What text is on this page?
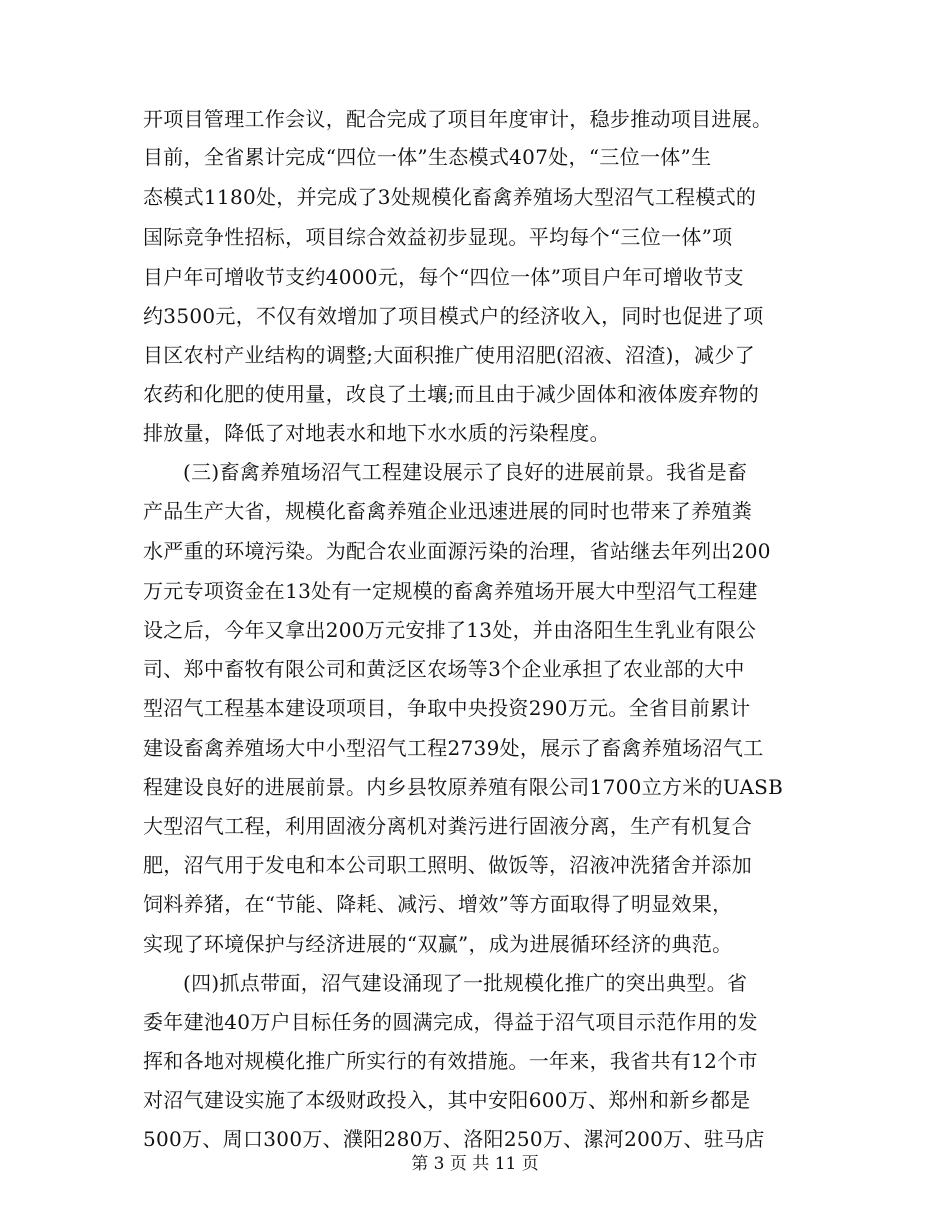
开项目管理工作会议，配合完成了项目年度审计，稳步推动项目进展。
目前，全省累计完成“四位一体”生态模式407处，“三位一体”生
态模式1180处，并完成了3处规模化畜禽养殖场大型沼气工程模式的
国际竞争性招标，项目综合效益初步显现。平均每个“三位一体”项
目户年可增收节支约4000元，每个“四位一体”项目户年可增收节支
约3500元，不仅有效增加了项目模式户的经济收入，同时也促进了项
目区农村产业结构的调整;大面积推广使用沼肥(沼液、沼渣)，减少了
农药和化肥的使用量，改良了土壤;而且由于减少固体和液体废弃物的
排放量，降低了对地表水和地下水水质的污染程度。
(三)畜禽养殖场沼气工程建设展示了良好的进展前景。我省是畜
产品生产大省，规模化畜禽养殖企业迅速进展的同时也带来了养殖粪
水严重的环境污染。为配合农业面源污染的治理，省站继去年列出200
万元专项资金在13处有一定规模的畜禽养殖场开展大中型沼气工程建
设之后，今年又拿出200万元安排了13处，并由洛阳生生乳业有限公
司、郑中畜牧有限公司和黄泛区农场等3个企业承担了农业部的大中
型沼气工程基本建设项项目，争取中央投资290万元。全省目前累计
建设畜禽养殖场大中小型沼气工程2739处，展示了畜禽养殖场沼气工
程建设良好的进展前景。内乡县牧原养殖有限公司1700立方米的UASB
大型沼气工程，利用固液分离机对粪污进行固液分离，生产有机复合
肥，沼气用于发电和本公司职工照明、做饭等，沼液冲洗猪舍并添加
饲料养猪，在“节能、降耗、减污、增效”等方面取得了明显效果，
实现了环境保护与经济进展的“双赢”，成为进展循环经济的典范。
(四)抓点带面，沼气建设涌现了一批规模化推广的突出典型。省
委年建池40万户目标任务的圆满完成，得益于沼气项目示范作用的发
挥和各地对规模化推广所实行的有效措施。一年来，我省共有12个市
对沼气建设实施了本级财政投入，其中安阳600万、郑州和新乡都是
500万、周口300万、濮阳280万、洛阳250万、漯河200万、驻马店
第 3 页 共 11 页
